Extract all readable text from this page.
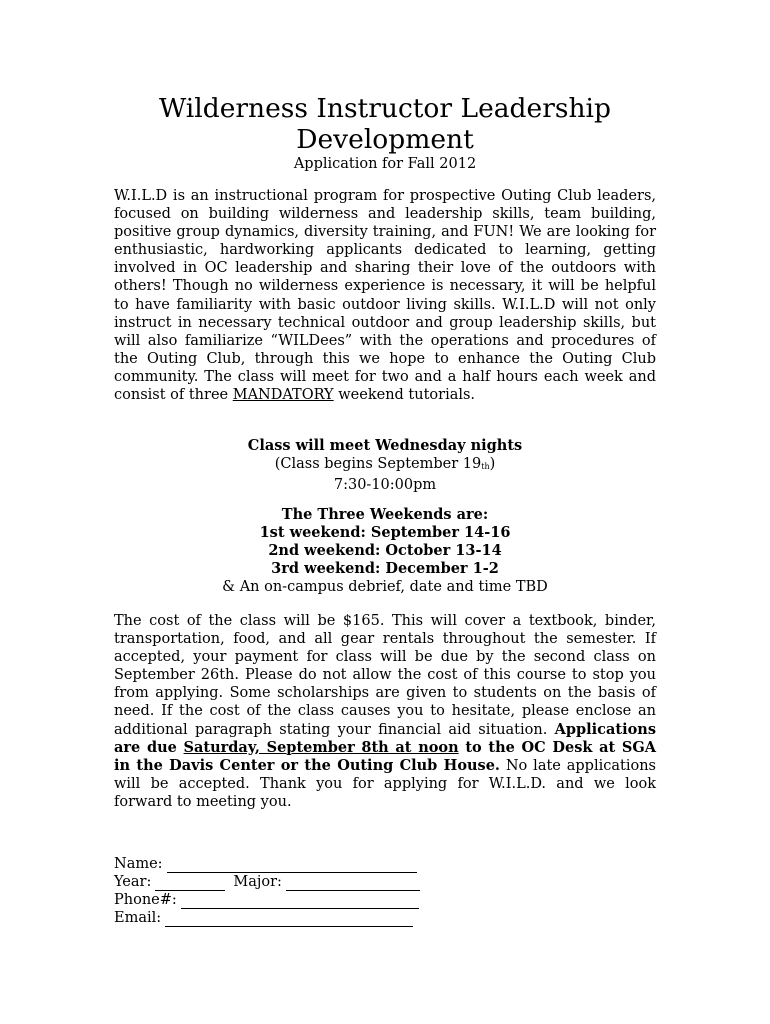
Wilderness Instructor Leadership
Development
Application for Fall 2012
W.I.L.D is an instructional program for prospective Outing Club leaders, focused on building wilderness and leadership skills, team building, positive group dynamics, diversity training, and FUN! We are looking for enthusiastic, hardworking applicants dedicated to learning, getting involved in OC leadership and sharing their love of the outdoors with others! Though no wilderness experience is necessary, it will be helpful to have familiarity with basic outdoor living skills. W.I.L.D will not only instruct in necessary technical outdoor and group leadership skills, but will also familiarize “WILDees” with the operations and procedures of the Outing Club, through this we hope to enhance the Outing Club community. The class will meet for two and a half hours each week and consist of three MANDATORY weekend tutorials.
Class will meet Wednesday nights
(Class begins September 19th)
7:30-10:00pm
The Three Weekends are:
1st weekend: September 14-16
2nd weekend: October 13-14
3rd weekend: December 1-2
& An on-campus debrief, date and time TBD
The cost of the class will be $165. This will cover a textbook, binder, transportation, food, and all gear rentals throughout the semester. If accepted, your payment for class will be due by the second class on September 26th. Please do not allow the cost of this course to stop you from applying. Some scholarships are given to students on the basis of need. If the cost of the class causes you to hesitate, please enclose an additional paragraph stating your financial aid situation. Applications are due Saturday, September 8th at noon to the OC Desk at SGA in the Davis Center or the Outing Club House. No late applications will be accepted. Thank you for applying for W.I.L.D. and we look forward to meeting you.
Name:
Year:	Major:
Phone#:
Email:
